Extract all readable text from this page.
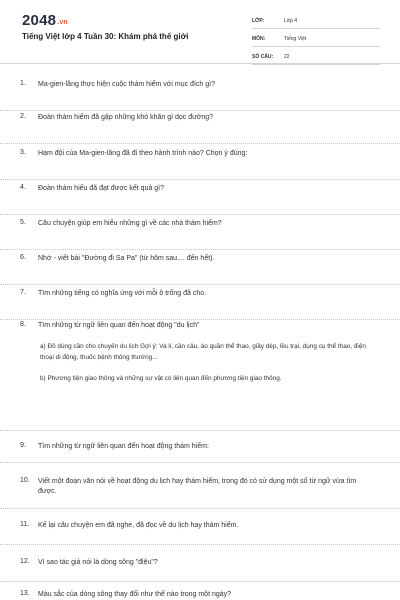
2048.vn
Tiếng Việt lớp 4 Tuần 30: Khám phá thế giới
LỚP:	Lớp 4
MÔN:	Tiếng Việt
SỐ CÂU:	22
1. Ma-gien-lăng thực hiện cuộc thám hiểm với mục đích gì?
2. Đoàn thám hiểm đã gặp những khó khăn gì dọc đường?
3. Hạm đội của Ma-gien-lăng đã đi theo hành trình nào? Chọn ý đúng:
4. Đoàn thám hiểu đã đạt được kết quả gì?
5. Câu chuyện giúp em hiểu những gì về các nhà thám hiểm?
6. Nhớ - viết bài "Đường đi Sa Pa" (từ hôm sau.... đến hết).
7. Tìm những tiếng có nghĩa ứng với mỗi ô trống đã cho.
8. Tìm những từ ngữ liên quan đến hoạt động "du lịch"
a) Đồ dùng cần cho chuyến du lịch Gợi ý: Va li, cần câu, áo quần thể thao, giầy dép, lều trại, dụng cụ thể thao, điện thoại di động, thuốc bệnh thông thường...
b) Phương tiện giao thông và những sự vật có liên quan đến phương tiện giao thông.
9. Tìm những từ ngữ liên quan đến hoạt động thám hiểm:
10. Viết một đoạn văn nói về hoạt động du lịch hay thám hiểm, trong đó có sử dụng một số từ ngữ vừa tìm được.
11. Kể lại câu chuyện em đã nghe, đã đọc về du lịch hay thám hiểm.
12. Vì sao tác giả nói là dòng sông "điệu"?
13. Màu sắc của dòng sông thay đổi như thế nào trong một ngày?
